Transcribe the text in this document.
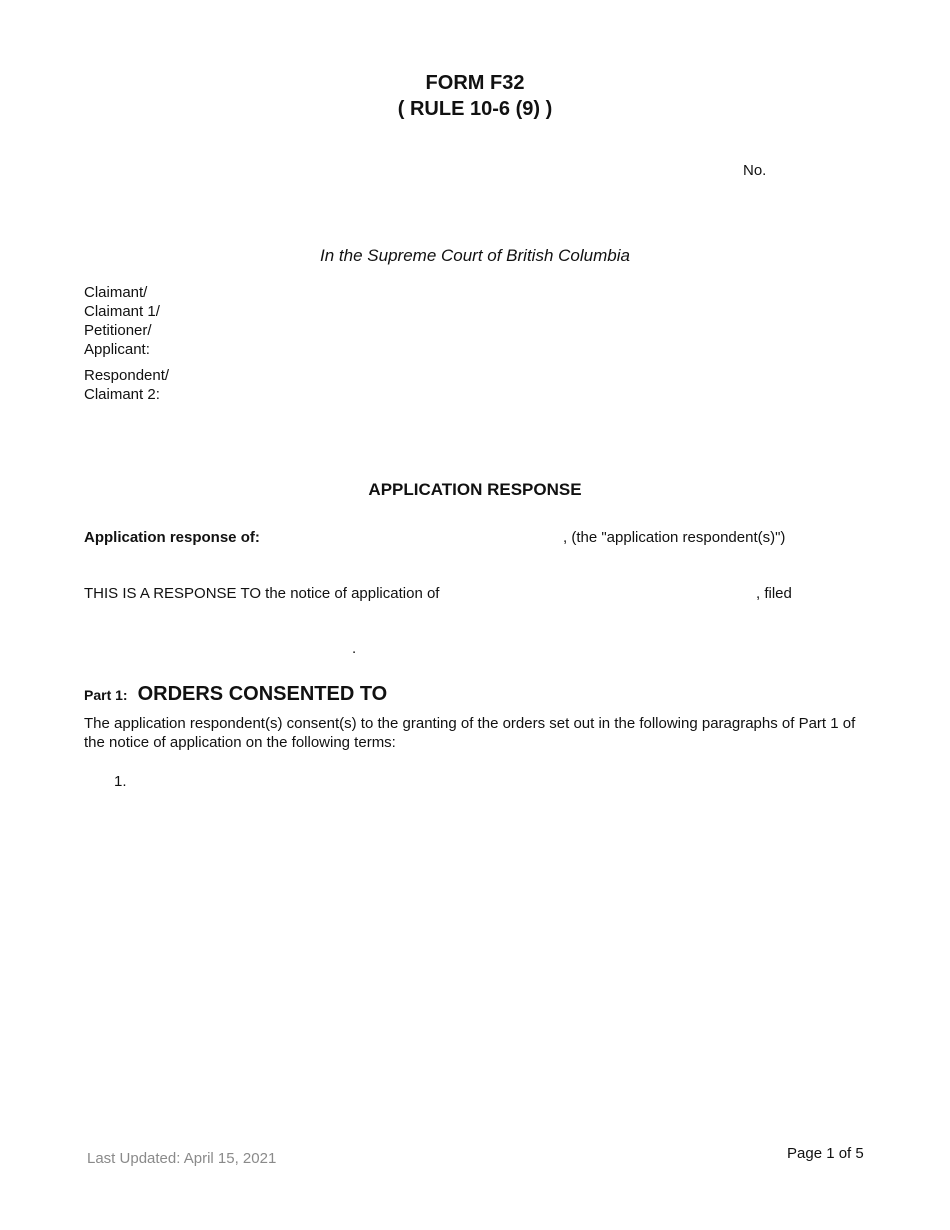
FORM F32
( RULE 10-6 (9) )
No.
In the Supreme Court of British Columbia
Claimant/
Claimant 1/
Petitioner/
Applicant:
Respondent/
Claimant 2:
APPLICATION RESPONSE
Application response of:	, (the "application respondent(s)")
THIS IS A RESPONSE TO the notice of application of	, filed
.
Part 1: ORDERS CONSENTED TO
The application respondent(s) consent(s) to the granting of the orders set out in the following paragraphs of Part 1 of the notice of application on the following terms:
1.
Last Updated: April 15, 2021	Page 1 of 5
